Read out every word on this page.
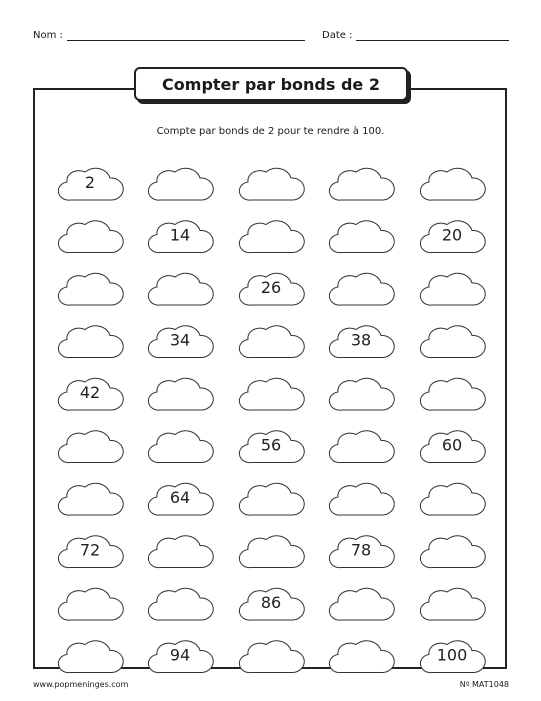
Nom :	Date :
Compter par bonds de 2
Compte par bonds de 2 pour te rendre à 100.
2
14	20
26
34	38
42
56	60
64
72	78
86
94	100
www.popmeninges.com	Nº MAT1048
